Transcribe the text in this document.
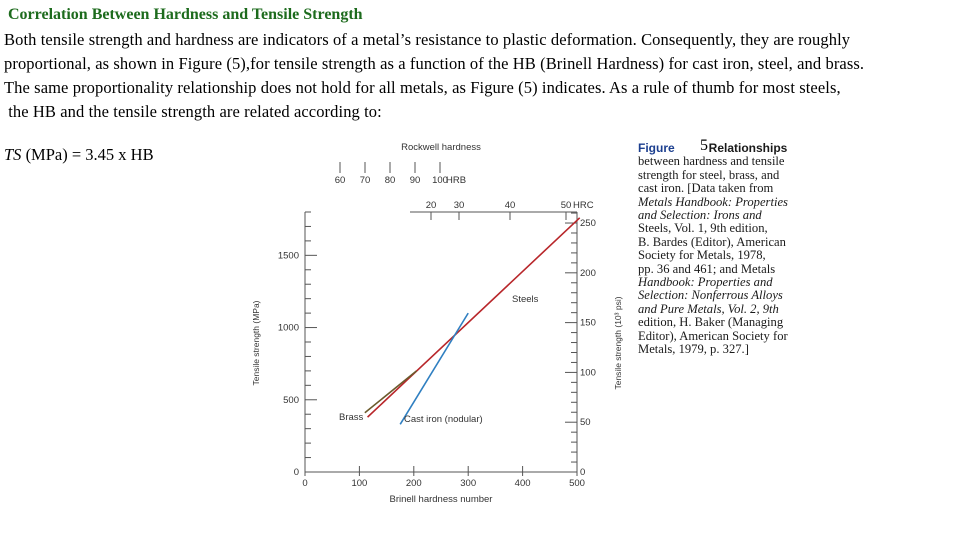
Correlation Between Hardness and Tensile Strength
Both tensile strength and hardness are indicators of a metal’s resistance to plastic deformation. Consequently, they are roughly
proportional, as shown in Figure (5),for tensile strength as a function of the HB (Brinell Hardness) for cast iron, steel, and brass.
The same proportionality relationship does not hold for all metals, as Figure (5) indicates. As a rule of thumb for most steels,
the HB and the tensile strength are related according to:
TS (MPa) = 3.45 x HB
0	100	200	300	400	500
0
500
1000
1500
0
50
100
150
200
250
60 70 80 90 100
HRB
20 30	40	50 HRC
Brinell hardness number
Tensile strength (MPa)	Tensile strength (10³ psi)
Rockwell hardness
Steels
Brass	Cast iron (nodular)
5
Figure	Relationships
between hardness and tensile
strength for steel, brass, and
cast iron. [Data taken from
Metals Handbook: Properties
and Selection: Irons and
Steels, Vol. 1, 9th edition,
B. Bardes (Editor), American
Society for Metals, 1978,
pp. 36 and 461; and Metals
Handbook: Properties and
Selection: Nonferrous Alloys
and Pure Metals, Vol. 2, 9th
edition, H. Baker (Managing
Editor), American Society for
Metals, 1979, p. 327.]
